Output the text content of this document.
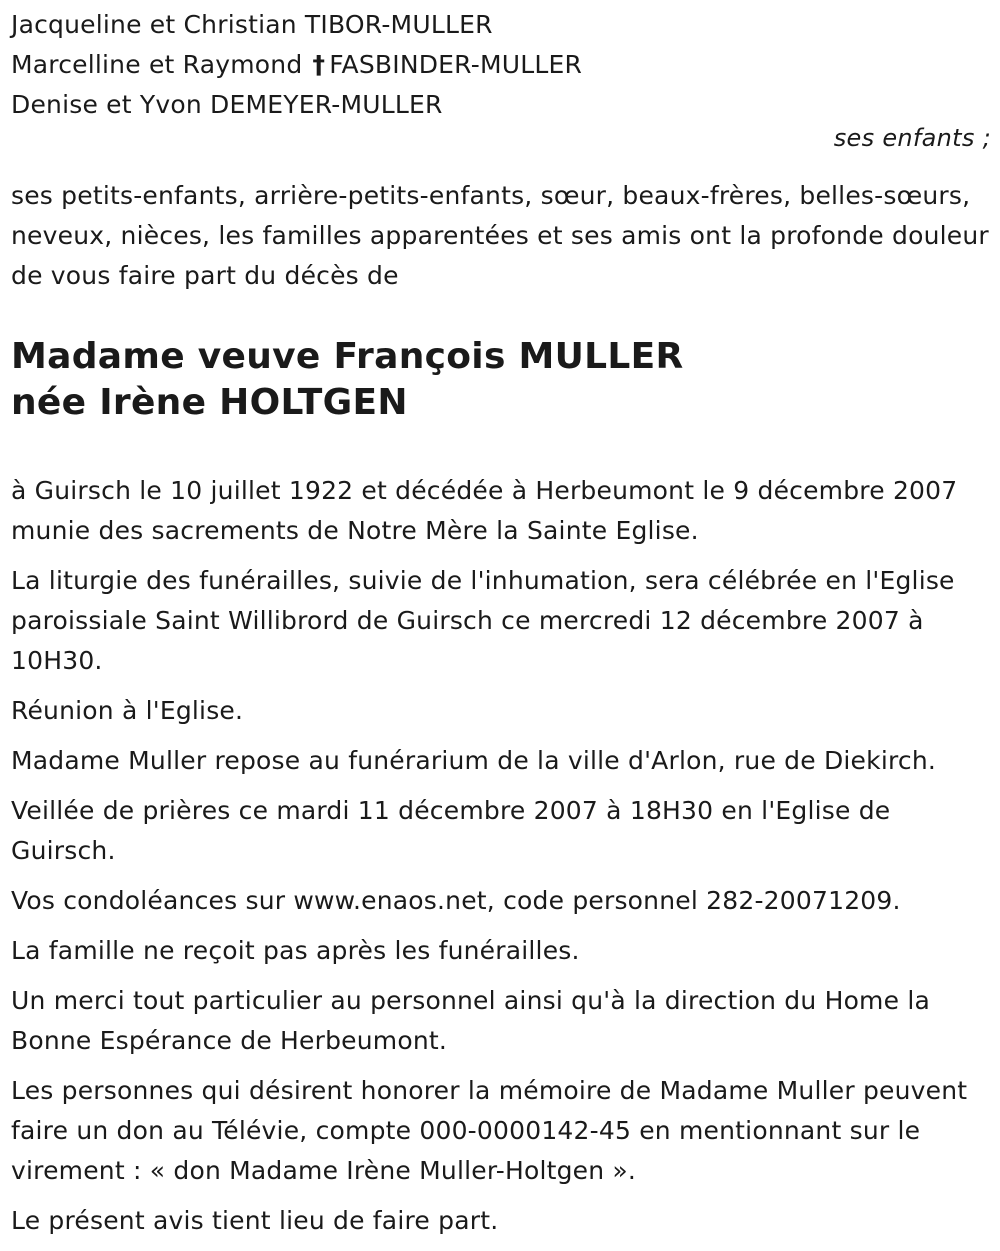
Jacqueline et Christian TIBOR-MULLER
Marcelline et Raymond † FASBINDER-MULLER
Denise et Yvon DEMEYER-MULLER
ses enfants ;
ses petits-enfants, arrière-petits-enfants, sœur, beaux-frères, belles-sœurs, neveux, nièces, les familles apparentées et ses amis ont la profonde douleur de vous faire part du décès de
Madame veuve François MULLER
née Irène HOLTGEN

à Guirsch le 10 juillet 1922 et décédée à Herbeumont le 9 décembre 2007 munie des sacrements de Notre Mère la Sainte Eglise.

La liturgie des funérailles, suivie de l'inhumation, sera célébrée en l'Eglise paroissiale Saint Willibrord de Guirsch ce mercredi 12 décembre 2007 à 10H30.

Réunion à l'Eglise.

Madame Muller repose au funérarium de la ville d'Arlon, rue de Diekirch.

Veillée de prières ce mardi 11 décembre 2007 à 18H30 en l'Eglise de Guirsch.

Vos condoléances sur www.enaos.net, code personnel 282-20071209.

La famille ne reçoit pas après les funérailles.

Un merci tout particulier au personnel ainsi qu'à la direction du Home la Bonne Espérance de Herbeumont.

Les personnes qui désirent honorer la mémoire de Madame Muller peuvent faire un don au Télévie, compte 000-0000142-45 en mentionnant sur le virement : « don Madame Irène Muller-Holtgen ».

Le présent avis tient lieu de faire part.
